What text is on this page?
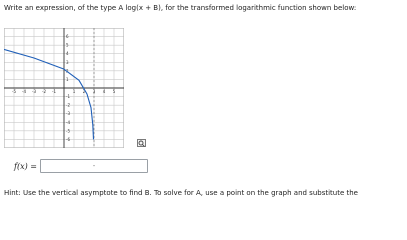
Write an expression, of the type A log(x + B), for the transformed logarithmic function shown below:
-5 -4 -3 -2 -1	1 2 3 4 5
5
4
3
2
1
-1
-2
-3
-4
-5
6
-6
f(x) =	-
Hint: Use the vertical asymptote to find B. To solve for A, use a point on the graph and substitute the
